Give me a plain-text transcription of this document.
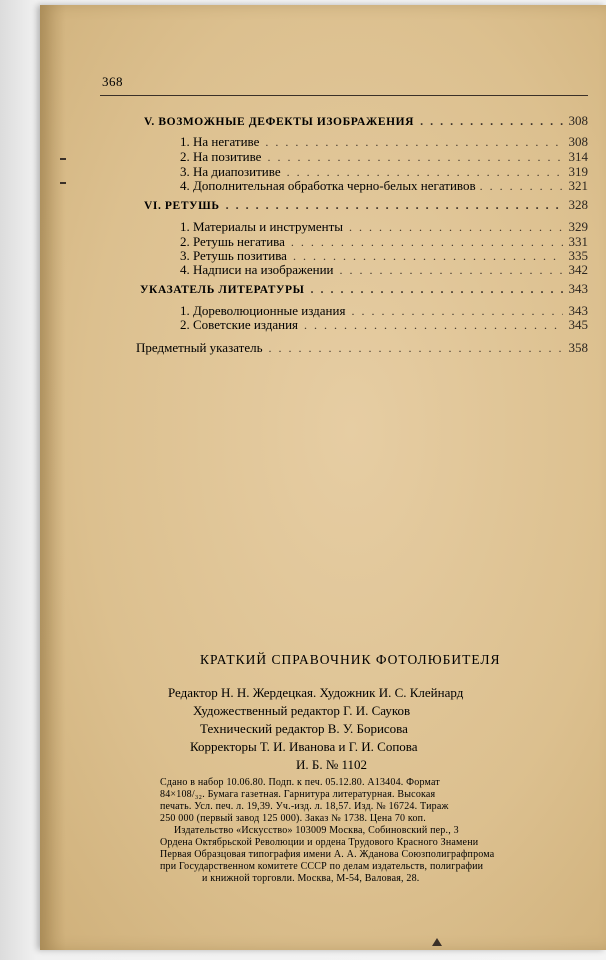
368
V. ВОЗМОЖНЫЕ ДЕФЕКТЫ ИЗОБРАЖЕНИЯ . . .	308
1. На негативе . . .	308
2. На позитиве . . .	314
3. На диапозитиве . . .	319
4. Дополнительная обработка черно-белых негативов . . .	321
VI. РЕТУШЬ . . .	328
1. Материалы и инструменты . . .	329
2. Ретушь негатива . . .	331
3. Ретушь позитива . . .	335
4. Надписи на изображении . . .	342
УКАЗАТЕЛЬ ЛИТЕРАТУРЫ . . .	343
1. Дореволюционные издания . . .	343
2. Советские издания . . .	345
Предметный указатель . . .	358
КРАТКИЙ СПРАВОЧНИК ФОТОЛЮБИТЕЛЯ
Редактор Н. Н. Жердецкая. Художник И. С. Клейнард
Художественный редактор Г. И. Сауков
Технический редактор В. У. Борисова
Корректоры Т. И. Иванова и Г. И. Сопова
И. Б. № 1102
Сдано в набор 10.06.80. Подп. к печ. 05.12.80. А13404. Формат
84×108/₃₂. Бумага газетная. Гарнитура литературная. Высокая
печать. Усл. печ. л. 19,39. Уч.-изд. л. 18,57. Изд. № 16724. Тираж
250 000 (первый завод 125 000). Заказ № 1738. Цена 70 коп.
Издательство «Искусство» 103009 Москва, Собиновский пер., 3
Ордена Октябрьской Революции и ордена Трудового Красного Знамени
Первая Образцовая типография имени А. А. Жданова Союзполиграфпрома
при Государственном комитете СССР по делам издательств, полиграфии
и книжной торговли. Москва, М-54, Валовая, 28.
